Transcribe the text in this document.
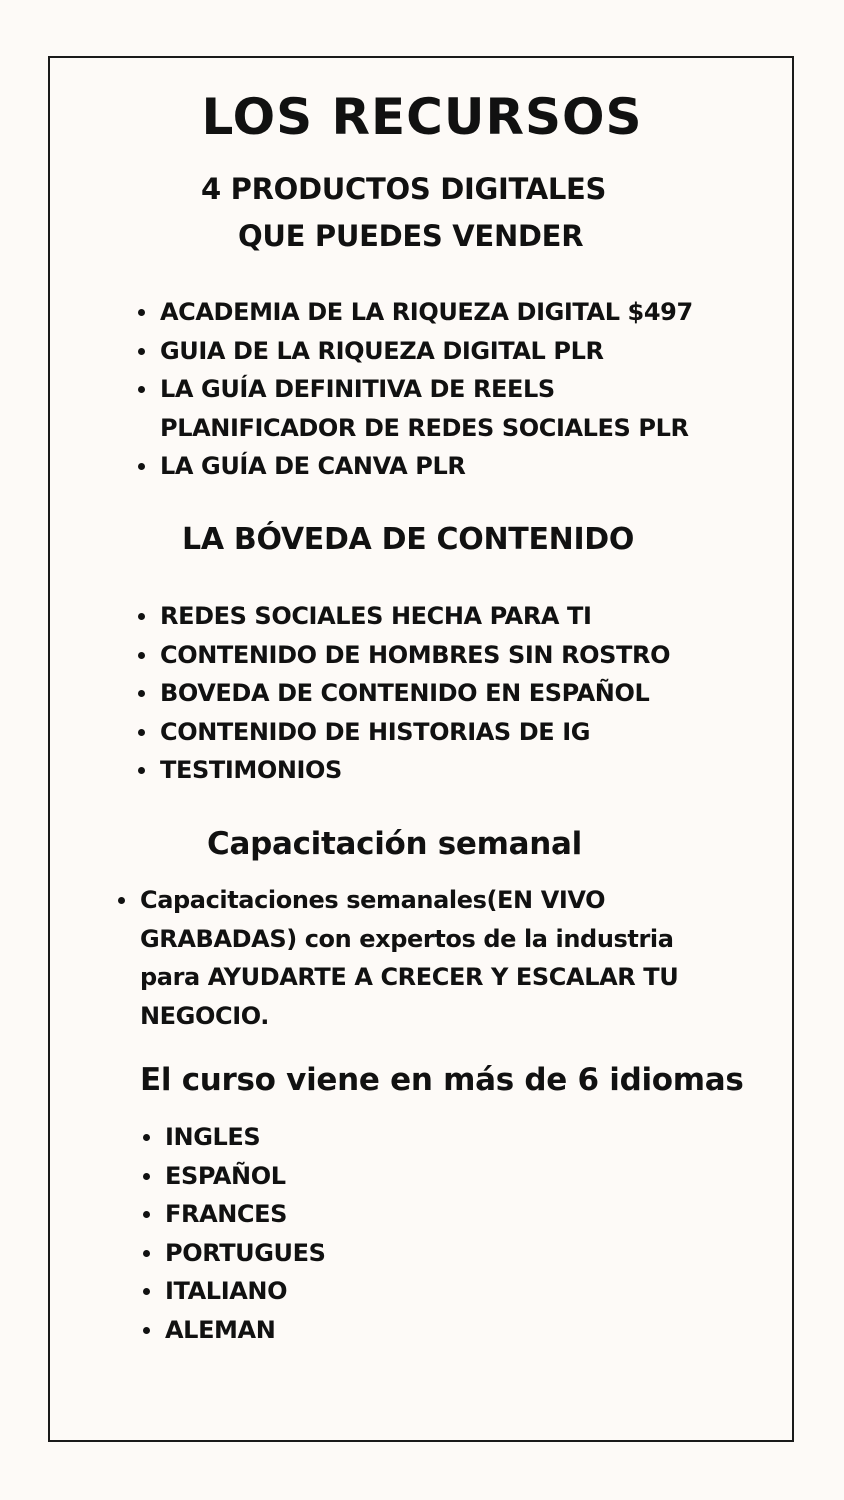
LOS RECURSOS
4 PRODUCTOS DIGITALES
QUE PUEDES VENDER
ACADEMIA DE LA RIQUEZA DIGITAL $497
GUIA DE LA RIQUEZA DIGITAL PLR
LA GUÍA DEFINITIVA DE REELS
PLANIFICADOR DE REDES SOCIALES PLR
LA GUÍA DE CANVA PLR
LA BÓVEDA DE CONTENIDO
REDES SOCIALES HECHA PARA TI
CONTENIDO DE HOMBRES SIN ROSTRO
BOVEDA DE CONTENIDO EN ESPAÑOL
CONTENIDO DE HISTORIAS DE IG
TESTIMONIOS
Capacitación semanal
Capacitaciones semanales(EN VIVO
GRABADAS) con expertos de la industria
para AYUDARTE A CRECER Y ESCALAR TU
NEGOCIO.
El curso viene en más de 6 idiomas
INGLES
ESPAÑOL
FRANCES
PORTUGUES
ITALIANO
ALEMAN
